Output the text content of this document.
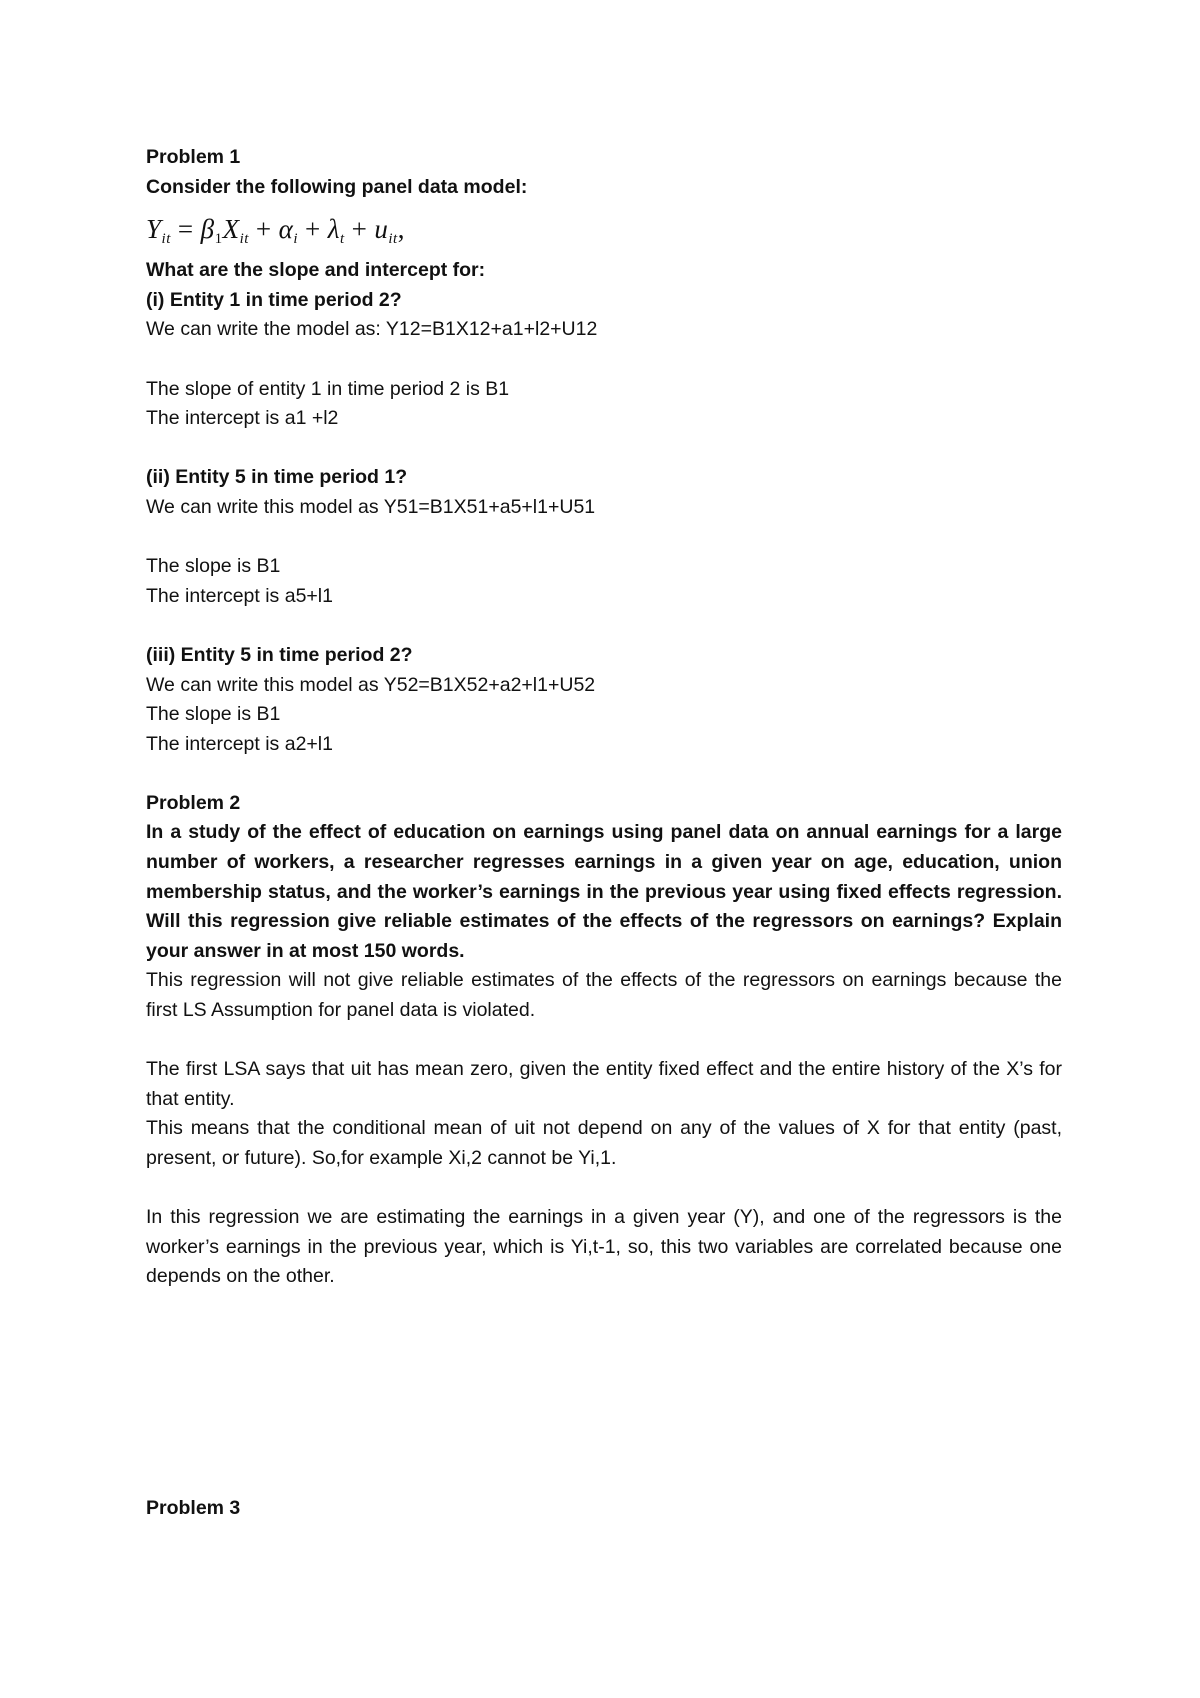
Problem 1

Consider the following panel data model:

$Y_{it} = \beta_1X_{it} + \alpha_i + \lambda_t + u_{it}$,

What are the slope and intercept for:

(i) Entity 1 in time period 2?

We can write the model as: Y12=B1X12+a1+l2+U12

The slope of entity 1 in time period 2 is B1

The intercept is a1 +l2

(ii) Entity 5 in time period 1?

We can write this model as Y51=B1X51+a5+l1+U51

The slope is B1

The intercept is a5+l1

(iii) Entity 5 in time period 2?

We can write this model as Y52=B1X52+a2+l1+U52

The slope is B1

The intercept is a2+l1

Problem 2

In a study of the effect of education on earnings using panel data on annual earnings for a large number of workers, a researcher regresses earnings in a given year on age, education, union membership status, and the worker’s earnings in the previous year using fixed effects regression. Will this regression give reliable estimates of the effects of the regressors on earnings? Explain your answer in at most 150 words.

This regression will not give reliable estimates of the effects of the regressors on earnings because the first LS Assumption for panel data is violated.

The first LSA says that uit has mean zero, given the entity fixed effect and the entire history of the X’s for that entity.

This means that the conditional mean of uit not depend on any of the values of X for that entity (past, present, or future). So,for example Xi,2 cannot be Yi,1.

In this regression we are estimating the earnings in a given year (Y), and one of the regressors is the worker’s earnings in the previous year, which is Yi,t-1, so, this two variables are correlated because one depends on the other.

Problem 3
